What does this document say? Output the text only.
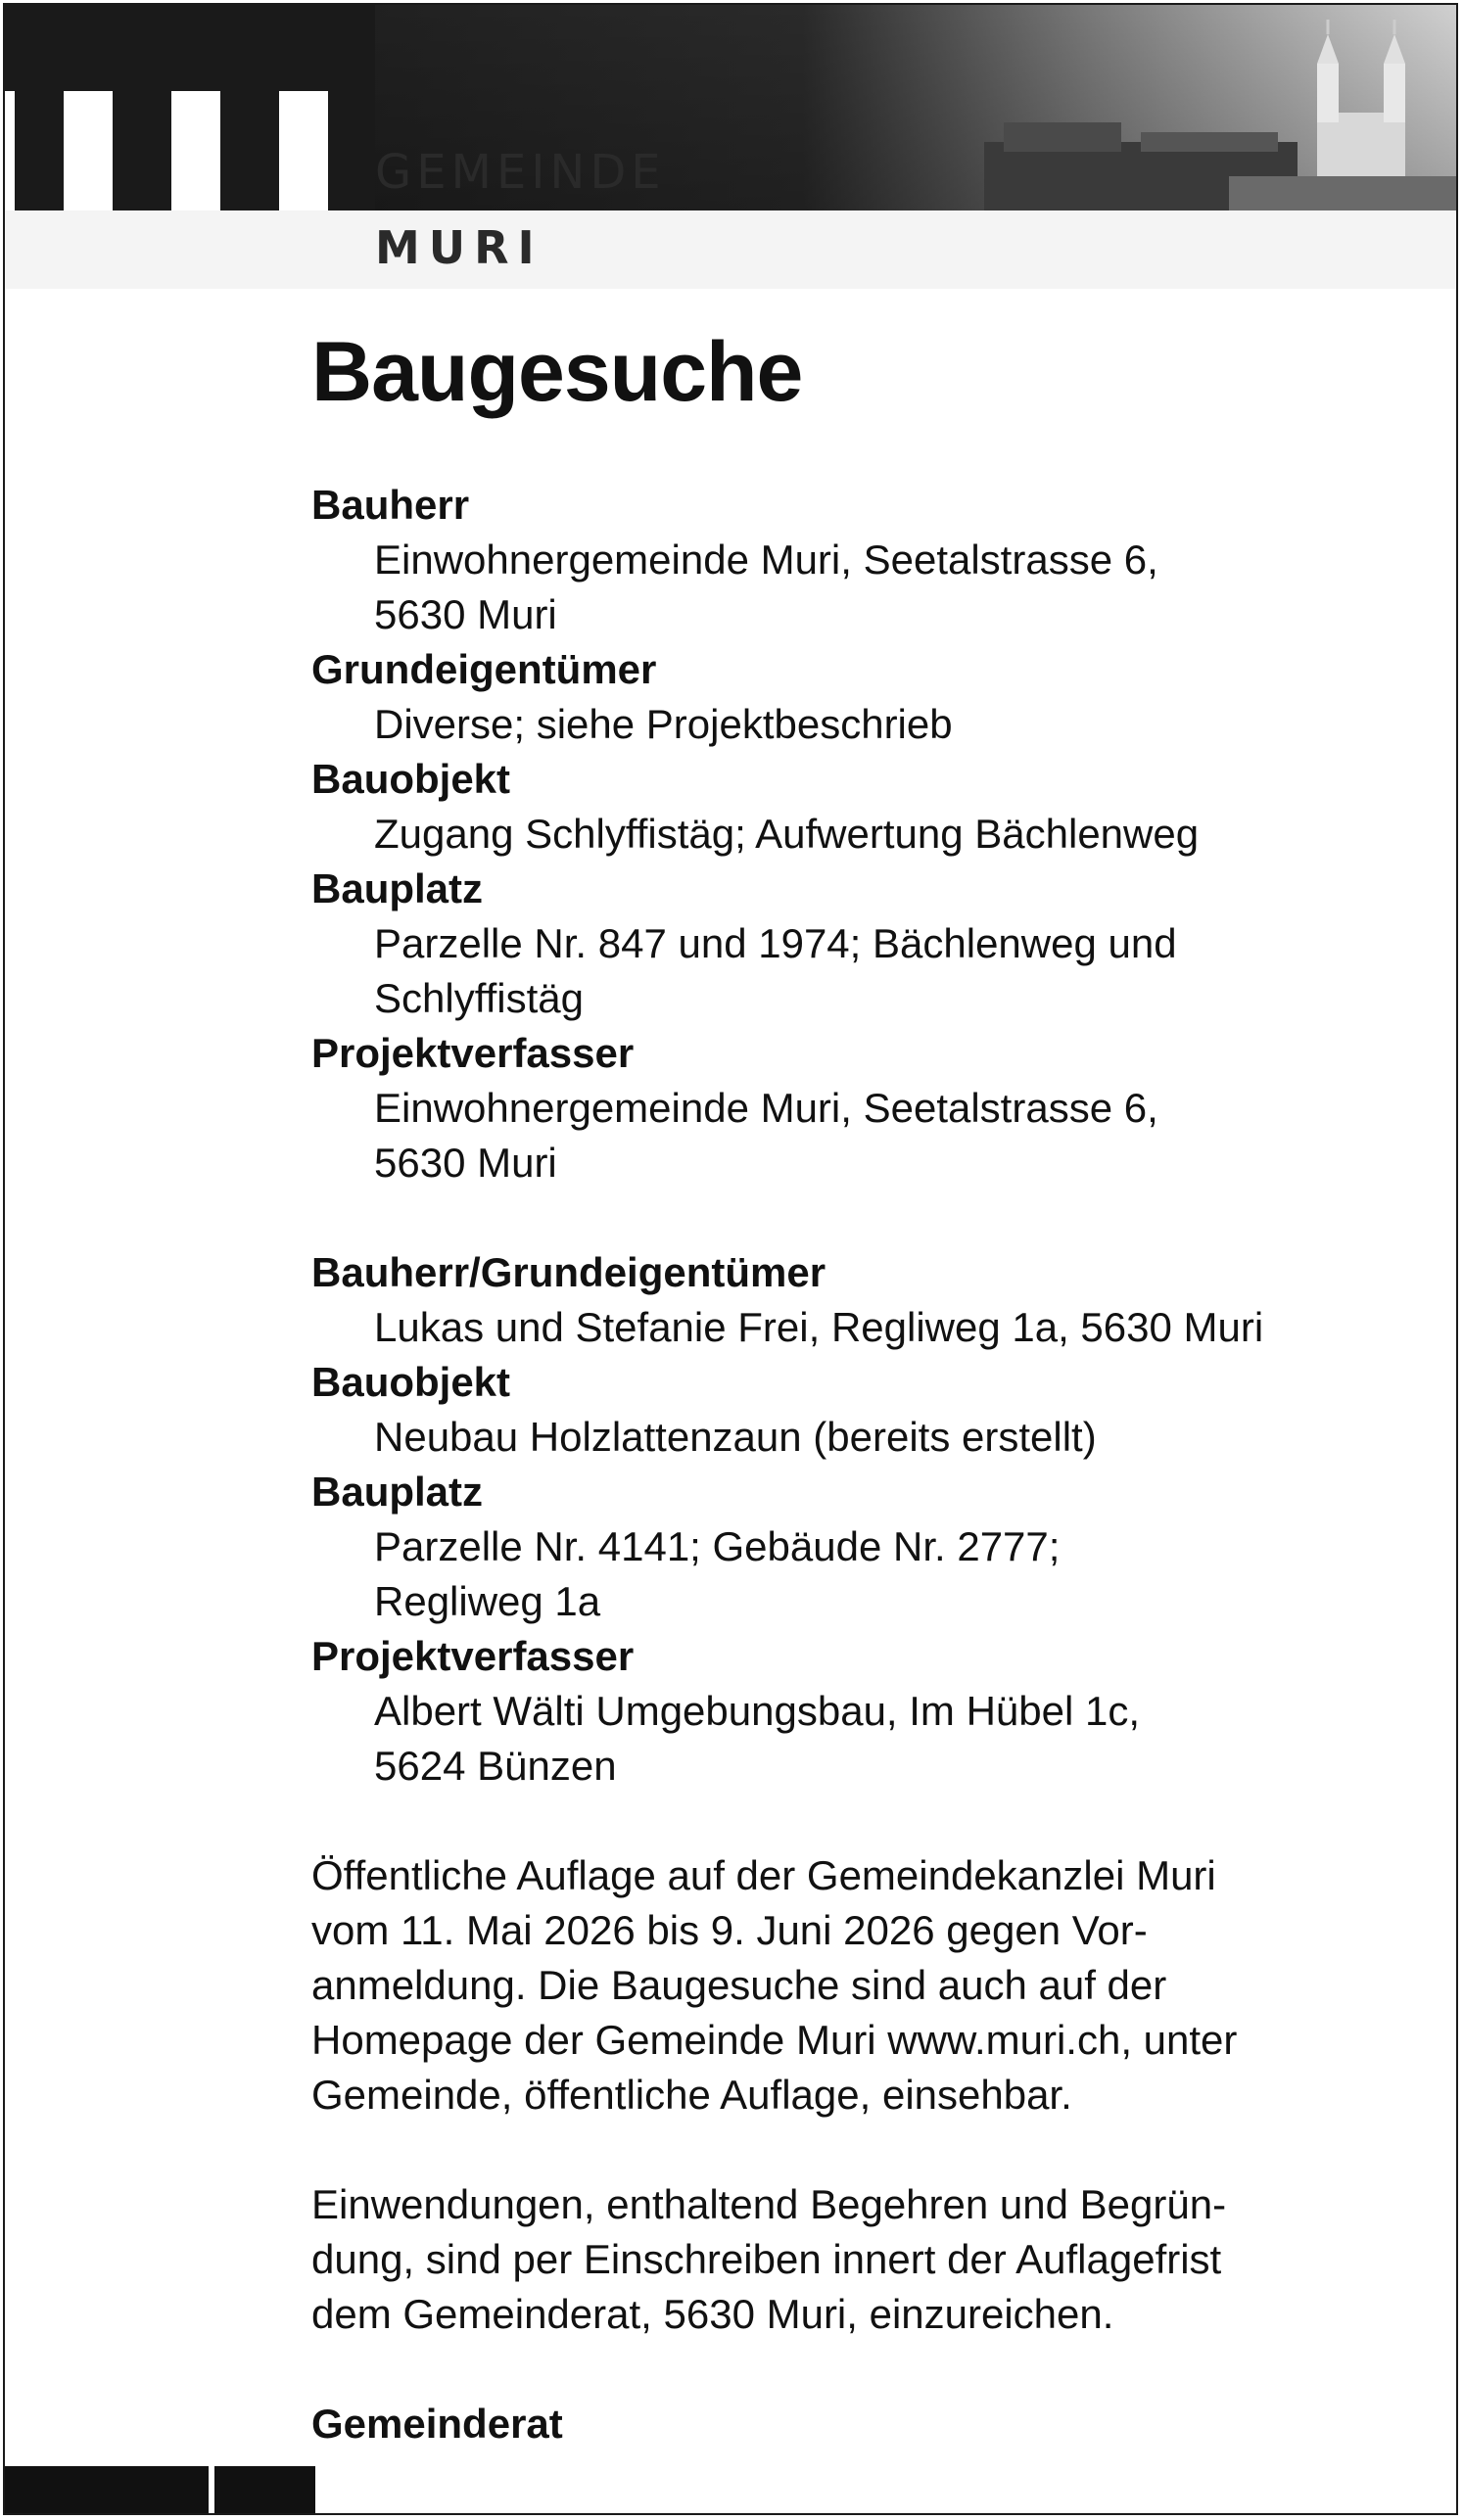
GEMEINDE
MURI
Baugesuche
Bauherr
Einwohnergemeinde Muri, Seetalstrasse 6,
5630 Muri
Grundeigentümer
Diverse; siehe Projektbeschrieb
Bauobjekt
Zugang Schlyffistäg; Aufwertung Bächlenweg
Bauplatz
Parzelle Nr. 847 und 1974; Bächlenweg und
Schlyffistäg
Projektverfasser
Einwohnergemeinde Muri, Seetalstrasse 6,
5630 Muri
Bauherr/Grundeigentümer
Lukas und Stefanie Frei, Regliweg 1a, 5630 Muri
Bauobjekt
Neubau Holzlattenzaun (bereits erstellt)
Bauplatz
Parzelle Nr. 4141; Gebäude Nr. 2777;
Regliweg 1a
Projektverfasser
Albert Wälti Umgebungsbau, Im Hübel 1c,
5624 Bünzen
Öffentliche Auflage auf der Gemeindekanzlei Muri
vom 11. Mai 2026 bis 9. Juni 2026 gegen Vor-
anmeldung. Die Baugesuche sind auch auf der
Homepage der Gemeinde Muri www.muri.ch, unter
Gemeinde, öffentliche Auflage, einsehbar.
Einwendungen, enthaltend Begehren und Begrün-
dung, sind per Einschreiben innert der Auflagefrist
dem Gemeinderat, 5630 Muri, einzureichen.
Gemeinderat
